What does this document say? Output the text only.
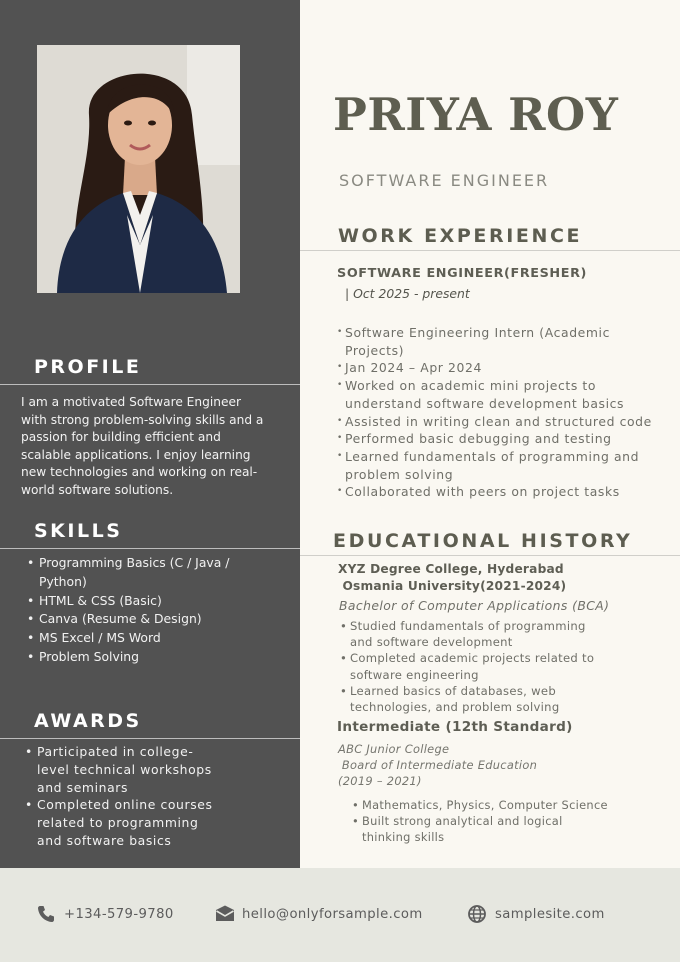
PROFILE

I am a motivated Software Engineer with strong problem-solving skills and a passion for building efficient and scalable applications. I enjoy learning new technologies and working on real-world software solutions.

SKILLS
• Programming Basics (C / Java / Python)
• HTML & CSS (Basic)
• Canva (Resume & Design)
• MS Excel / MS Word
• Problem Solving
AWARDS
• Participated in college-level technical workshops and seminars
• Completed online courses related to programming and software basics
PRIYA ROY

SOFTWARE ENGINEER

WORK EXPERIENCE

SOFTWARE ENGINEER(FRESHER)

| Oct 2025 - present

• Software Engineering Intern (Academic Projects)
• Jan 2024 – Apr 2024
• Worked on academic mini projects to understand software development basics
• Assisted in writing clean and structured code
• Performed basic debugging and testing
• Learned fundamentals of programming and problem solving
• Collaborated with peers on project tasks
EDUCATIONAL HISTORY

XYZ Degree College, Hyderabad
Osmania University(2021-2024)

Bachelor of Computer Applications (BCA)

• Studied fundamentals of programming and software development
• Completed academic projects related to software engineering
• Learned basics of databases, web technologies, and problem solving

Intermediate (12th Standard)

ABC Junior College
Board of Intermediate Education
(2019 – 2021)

• Mathematics, Physics, Computer Science
• Built strong analytical and logical thinking skills
+134-579-9780	hello@onlyforsample.com	samplesite.com
